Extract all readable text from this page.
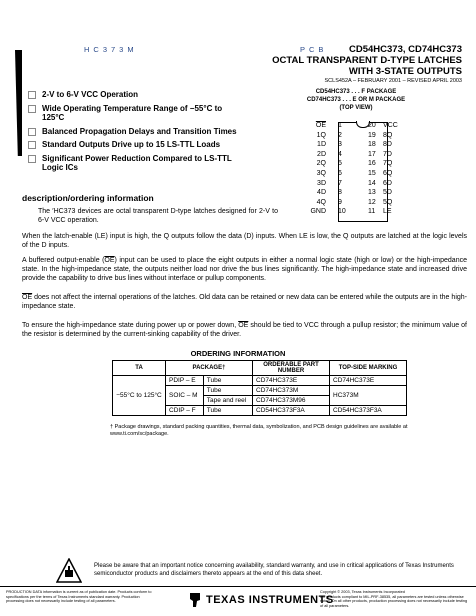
HC373M	PCB	CD54HC373, CD74HC373
OCTAL TRANSPARENT D-TYPE LATCHES
WITH 3-STATE OUTPUTS
SCLS452A – FEBRUARY 2001 – REVISED APRIL 2003
2-V to 6-V VCC Operation
Wide Operating Temperature Range of −55°C to 125°C
Balanced Propagation Delays and Transition Times
Standard Outputs Drive up to 15 LS-TTL Loads
Significant Power Reduction Compared to LS-TTL Logic ICs
CD54HC373 . . . F PACKAGE
CD74HC373 . . . E OR M PACKAGE
(TOP VIEW)
$\overline{OE}$ 1	20 VCC
1Q 2	19 8Q
1D 3	18 8D
2D 4	17 7D
2Q 5	16 7Q
3Q 6	15 6Q
3D 7	14 6D
4D 8	13 5D
4Q 9	12 5Q
GND 10	11 LE
description/ordering information
The ′HC373 devices are octal transparent D-type latches designed for 2-V to 6-V VCC operation.
When the latch-enable (LE) input is high, the Q outputs follow the data (D) inputs. When LE is low, the Q outputs are latched at the logic levels of the D inputs.
A buffered output-enable $(\overline{OE})$ input can be used to place the eight outputs in either a normal logic state (high or low) or the high-impedance state. In the high-impedance state, the outputs neither load nor drive the bus lines significantly. The high-impedance state and increased drive provide the capability to drive bus lines without interface or pullup components.
$\overline{OE}$ does not affect the internal operations of the latches. Old data can be retained or new data can be entered while the outputs are in the high-impedance state.
To ensure the high-impedance state during power up or power down, $\overline{OE}$ should be tied to VCC through a pullup resistor; the minimum value of the resistor is determined by the current-sinking capability of the driver.
ORDERING INFORMATION
TA	PACKAGE†		ORDERABLE PART NUMBER	TOP-SIDE MARKING
−55°C to 125°C	PDIP – E	Tube	CD74HC373E	CD74HC373E
	SOIC – M	Tube	CD74HC373M	HC373M
		Tape and reel	CD74HC373M96	
	CDIP – F	Tube	CD54HC373F3A	CD54HC373F3A
† Package drawings, standard packing quantities, thermal data, symbolization, and PCB design guidelines are available at www.ti.com/sc/package.
Please be aware that an important notice concerning availability, standard warranty, and use in critical applications of Texas Instruments semiconductor products and disclaimers thereto appears at the end of this data sheet.
PRODUCTION DATA information is current as of publication date. Products conform to specifications per the terms of Texas Instruments standard warranty. Production processing does not necessarily include testing of all parameters.	TEXAS INSTRUMENTS
Copyright © 2003, Texas Instruments Incorporated
On products compliant to MIL-PRF-38535, all parameters are tested unless otherwise noted. On all other products, production processing does not necessarily include testing of all parameters.
